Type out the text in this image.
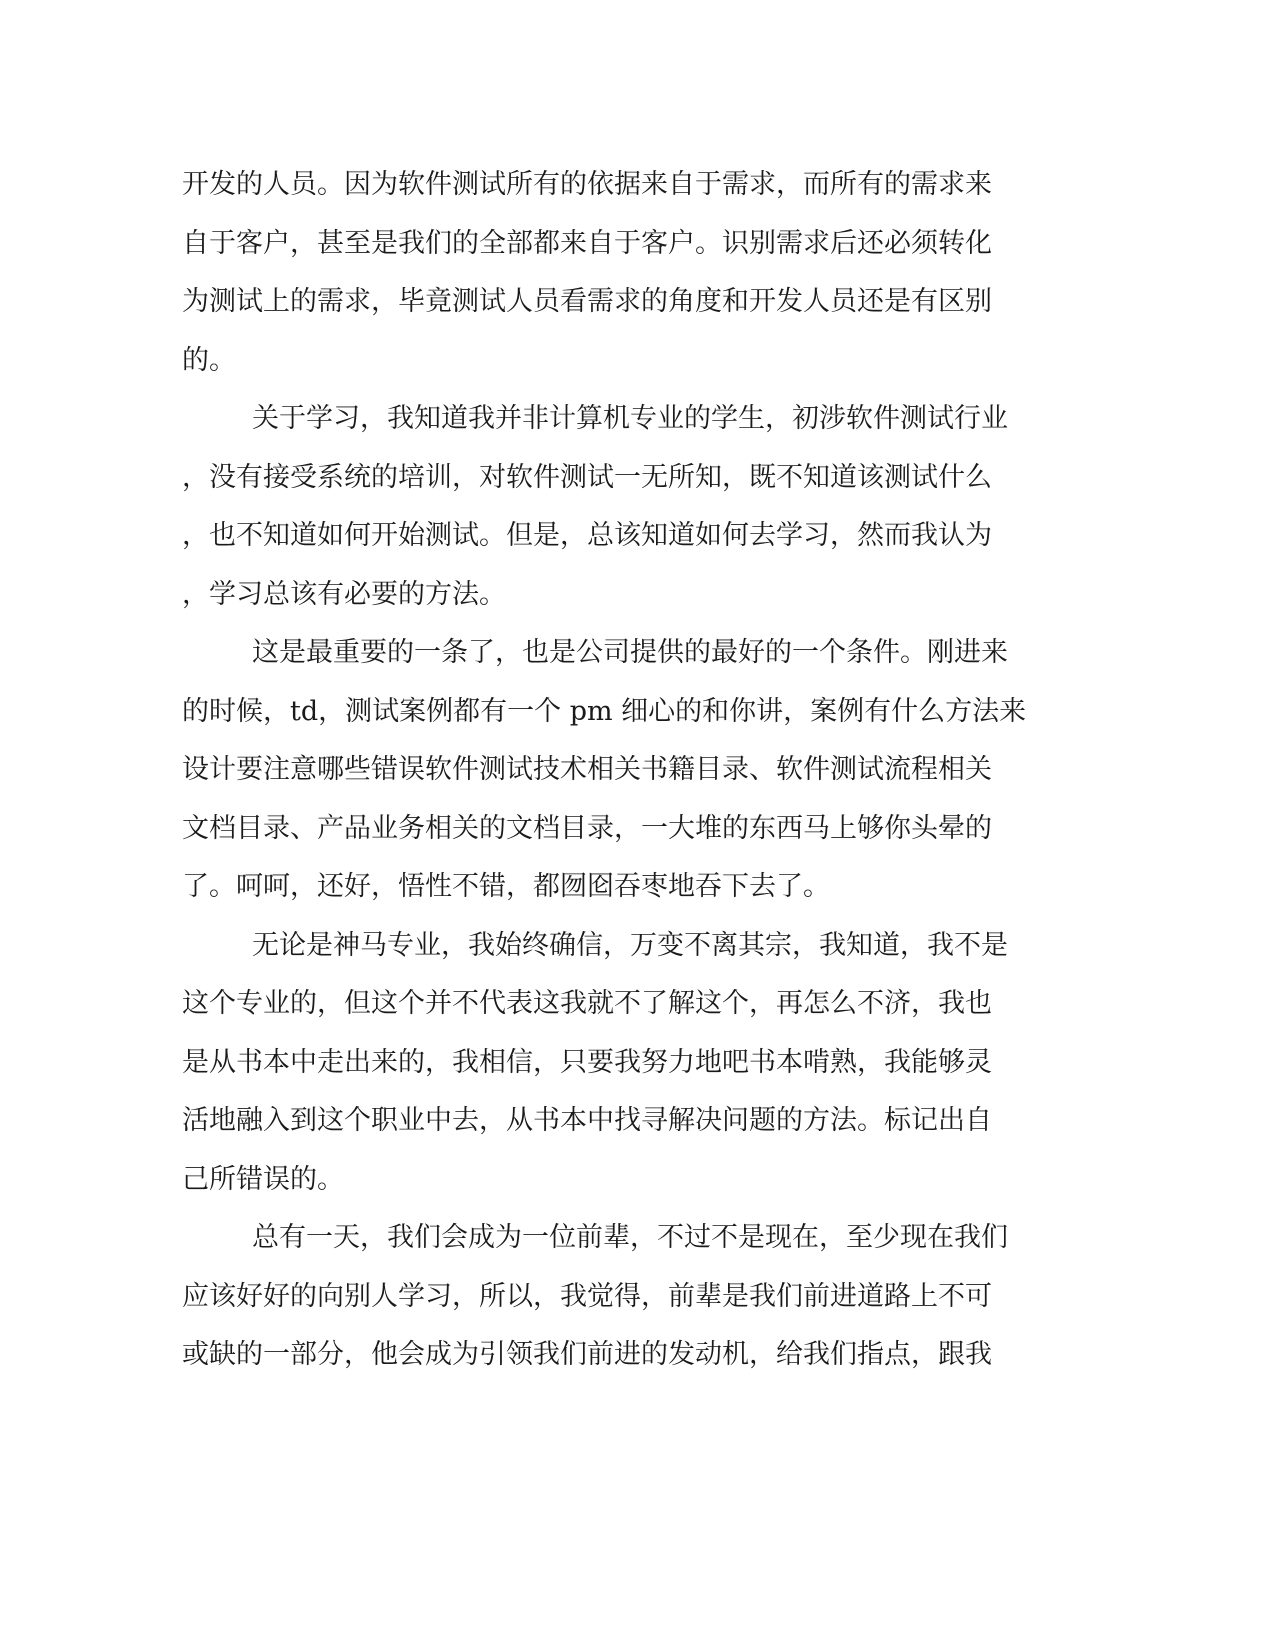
开发的人员。因为软件测试所有的依据来自于需求，而所有的需求来
自于客户，甚至是我们的全部都来自于客户。识别需求后还必须转化
为测试上的需求，毕竟测试人员看需求的角度和开发人员还是有区别
的。
关于学习，我知道我并非计算机专业的学生，初涉软件测试行业
，没有接受系统的培训，对软件测试一无所知，既不知道该测试什么
，也不知道如何开始测试。但是，总该知道如何去学习，然而我认为
，学习总该有必要的方法。
这是最重要的一条了，也是公司提供的最好的一个条件。刚进来
的时候，td，测试案例都有一个 pm 细心的和你讲，案例有什么方法来
设计要注意哪些错误软件测试技术相关书籍目录、软件测试流程相关
文档目录、产品业务相关的文档目录，一大堆的东西马上够你头晕的
了。呵呵，还好，悟性不错，都囫囵吞枣地吞下去了。
无论是神马专业，我始终确信，万变不离其宗，我知道，我不是
这个专业的，但这个并不代表这我就不了解这个，再怎么不济，我也
是从书本中走出来的，我相信，只要我努力地吧书本啃熟，我能够灵
活地融入到这个职业中去，从书本中找寻解决问题的方法。标记出自
己所错误的。
总有一天，我们会成为一位前辈，不过不是现在，至少现在我们
应该好好的向别人学习，所以，我觉得，前辈是我们前进道路上不可
或缺的一部分，他会成为引领我们前进的发动机，给我们指点，跟我
